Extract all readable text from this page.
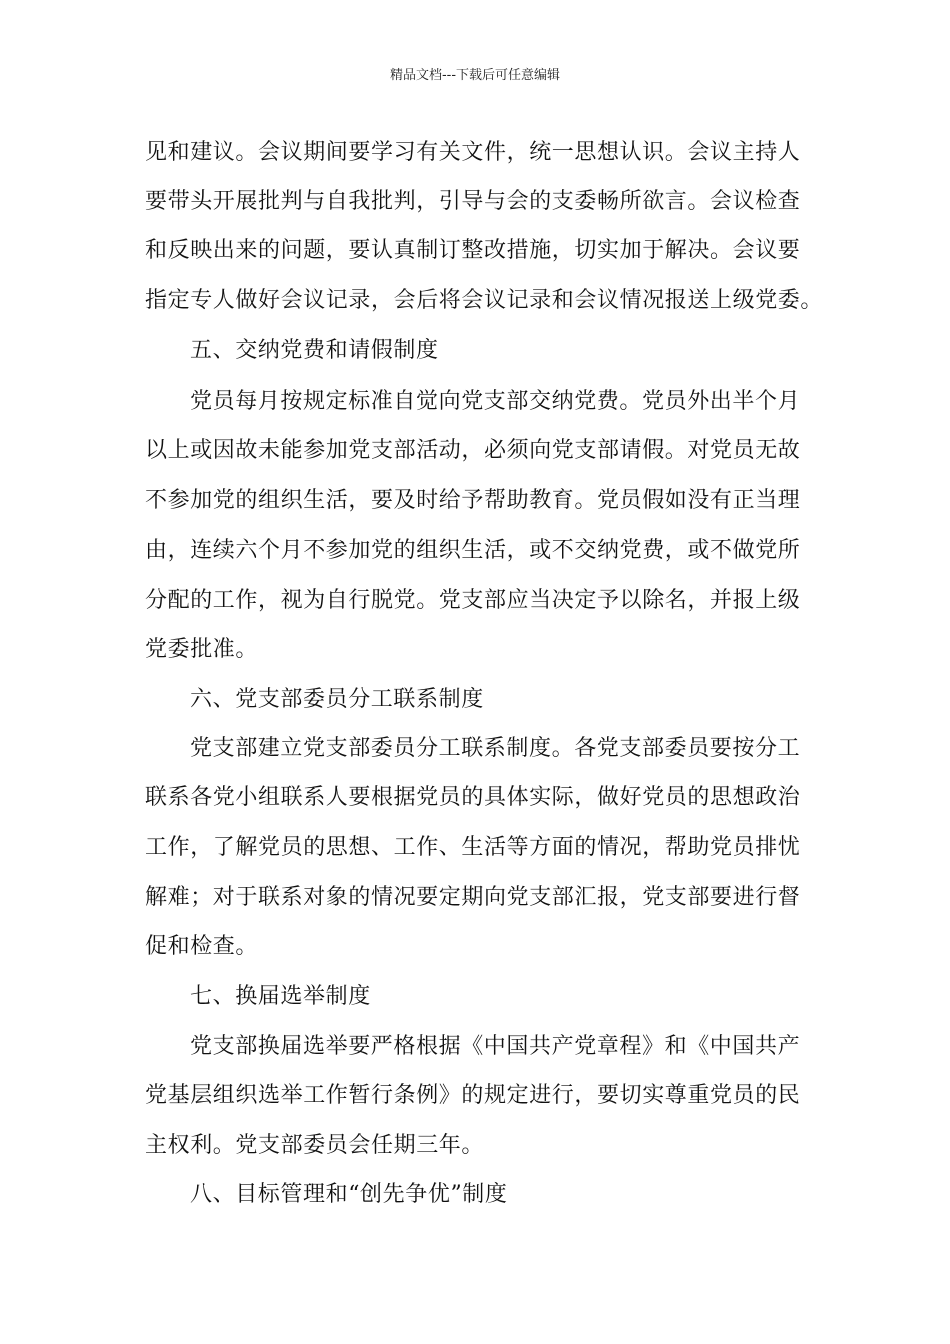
精品文档---下载后可任意编辑
见和建议。会议期间要学习有关文件，统一思想认识。会议主持人
要带头开展批判与自我批判，引导与会的支委畅所欲言。会议检查
和反映出来的问题，要认真制订整改措施，切实加于解决。会议要
指定专人做好会议记录，会后将会议记录和会议情况报送上级党委。
五、交纳党费和请假制度
党员每月按规定标准自觉向党支部交纳党费。党员外出半个月
以上或因故未能参加党支部活动，必须向党支部请假。对党员无故
不参加党的组织生活，要及时给予帮助教育。党员假如没有正当理
由，连续六个月不参加党的组织生活，或不交纳党费，或不做党所
分配的工作，视为自行脱党。党支部应当决定予以除名，并报上级
党委批准。
六、党支部委员分工联系制度
党支部建立党支部委员分工联系制度。各党支部委员要按分工
联系各党小组联系人要根据党员的具体实际，做好党员的思想政治
工作，了解党员的思想、工作、生活等方面的情况，帮助党员排忧
解难；对于联系对象的情况要定期向党支部汇报，党支部要进行督
促和检查。
七、换届选举制度
党支部换届选举要严格根据《中国共产党章程》和《中国共产
党基层组织选举工作暂行条例》的规定进行，要切实尊重党员的民
主权利。党支部委员会任期三年。
八、目标管理和“创先争优”制度
